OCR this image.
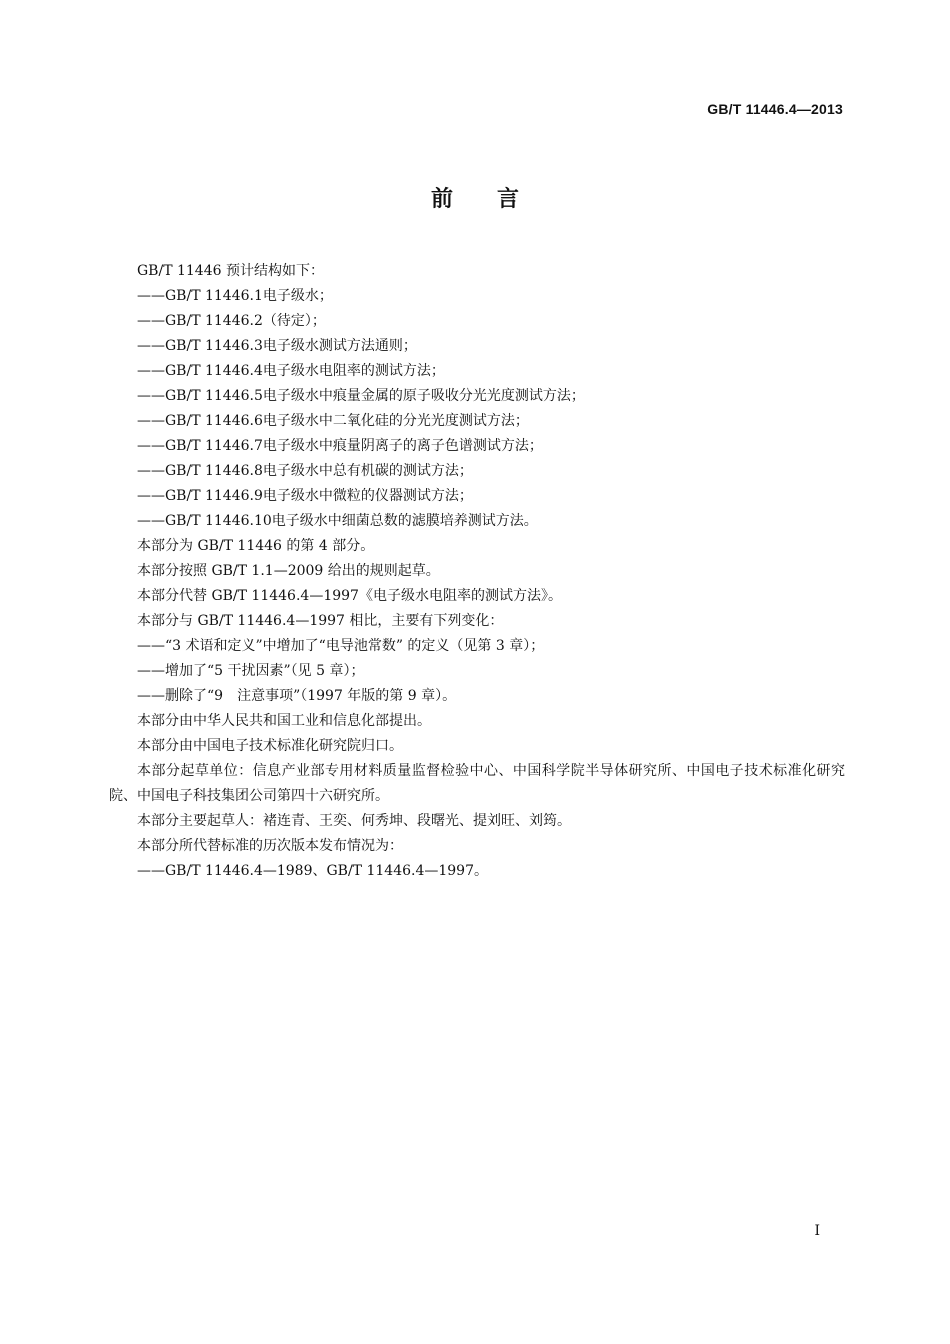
GB/T 11446.4—2013
前言

GB/T 11446 预计结构如下：

——GB/T 11446.1电子级水；

——GB/T 11446.2（待定）；

——GB/T 11446.3电子级水测试方法通则；

——GB/T 11446.4电子级水电阻率的测试方法；

——GB/T 11446.5电子级水中痕量金属的原子吸收分光光度测试方法；

——GB/T 11446.6电子级水中二氧化硅的分光光度测试方法；

——GB/T 11446.7电子级水中痕量阴离子的离子色谱测试方法；

——GB/T 11446.8电子级水中总有机碳的测试方法；

——GB/T 11446.9电子级水中微粒的仪器测试方法；

——GB/T 11446.10电子级水中细菌总数的滤膜培养测试方法。

本部分为 GB/T 11446 的第 4 部分。

本部分按照 GB/T 1.1—2009 给出的规则起草。

本部分代替 GB/T 11446.4—1997《电子级水电阻率的测试方法》。

本部分与 GB/T 11446.4—1997 相比，主要有下列变化：

——“3 术语和定义”中增加了“电导池常数” 的定义（见第 3 章）；

——增加了“5 干扰因素”（见 5 章）；

——删除了“9　注意事项”（1997 年版的第 9 章）。

本部分由中华人民共和国工业和信息化部提出。

本部分由中国电子技术标准化研究院归口。

本部分起草单位：信息产业部专用材料质量监督检验中心、中国科学院半导体研究所、中国电子技术标准化研究院、中国电子科技集团公司第四十六研究所。

本部分主要起草人：褚连青、王奕、何秀坤、段曙光、提刘旺、刘筠。

本部分所代替标准的历次版本发布情况为：

——GB/T 11446.4—1989、GB/T 11446.4—1997。

I
